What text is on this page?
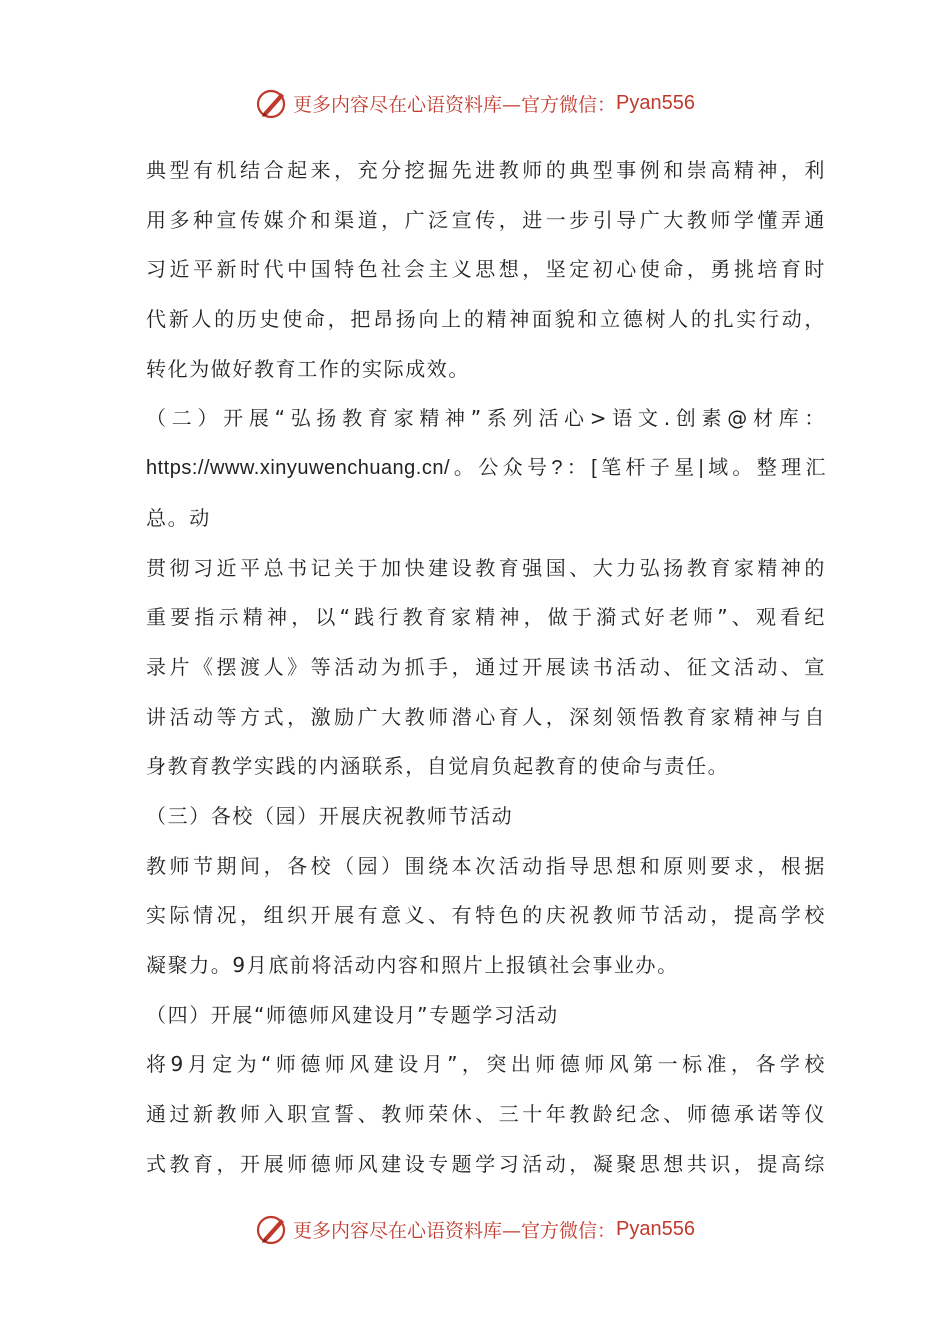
更多内容尽在心语资料库—官方微信： Pyan556
典型有机结合起来，充分挖掘先进教师的典型事例和崇高精神，利
用多种宣传媒介和渠道，广泛宣传，进一步引导广大教师学懂弄通
习近平新时代中国特色社会主义思想，坚定初心使命，勇挑培育时
代新人的历史使命，把昂扬向上的精神面貌和立德树人的扎实行动，
转化为做好教育工作的实际成效。
（二）开展“弘扬教育家精神”系列活心>语文.创素@材库：
https://www.xinyuwenchuang.cn/。公众号?：[笔杆子星|域。整理汇
总。动
贯彻习近平总书记关于加快建设教育强国、大力弘扬教育家精神的
重要指示精神，以“践行教育家精神，做于漪式好老师”、观看纪
录片《摆渡人》等活动为抓手，通过开展读书活动、征文活动、宣
讲活动等方式，激励广大教师潜心育人，深刻领悟教育家精神与自
身教育教学实践的内涵联系，自觉肩负起教育的使命与责任。
（三）各校（园）开展庆祝教师节活动
教师节期间，各校（园）围绕本次活动指导思想和原则要求，根据
实际情况，组织开展有意义、有特色的庆祝教师节活动，提高学校
凝聚力。9月底前将活动内容和照片上报镇社会事业办。
（四）开展“师德师风建设月”专题学习活动
将9月定为“师德师风建设月”，突出师德师风第一标准，各学校
通过新教师入职宣誓、教师荣休、三十年教龄纪念、师德承诺等仪
式教育，开展师德师风建设专题学习活动，凝聚思想共识，提高综
更多内容尽在心语资料库—官方微信： Pyan556
